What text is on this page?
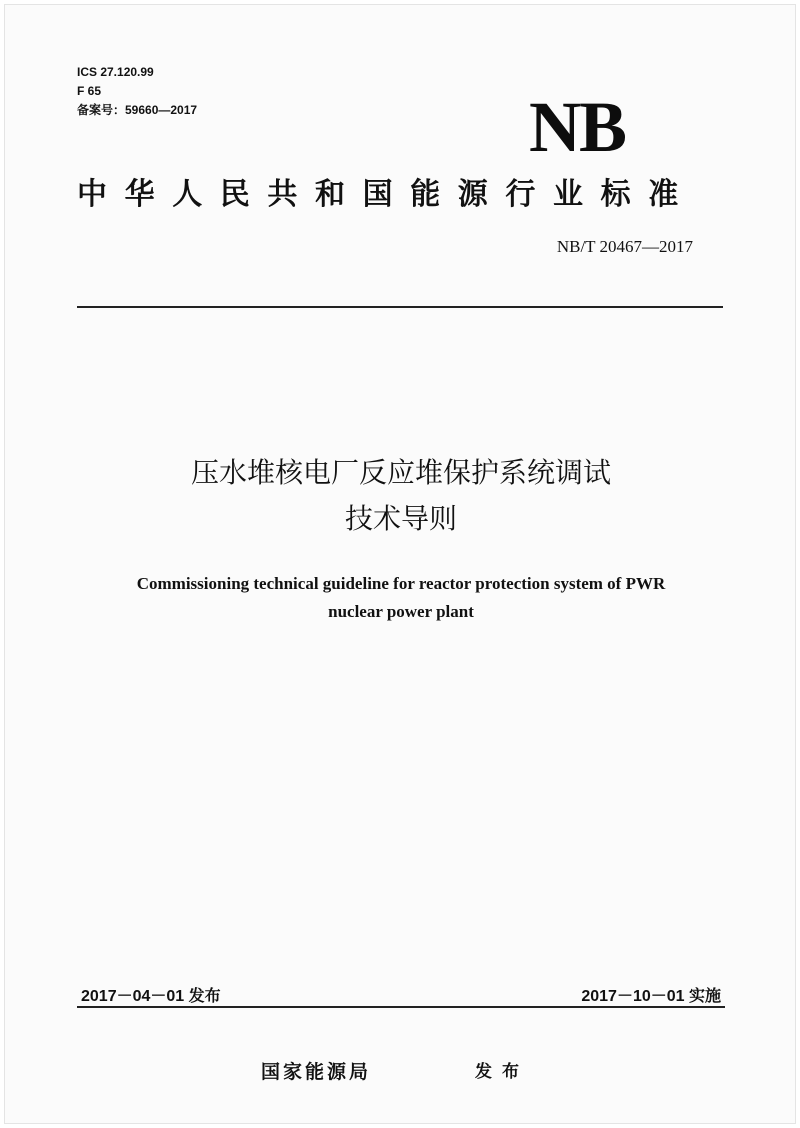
ICS 27.120.99
F 65
备案号：59660—2017	NB
中华人民共和国能源行业标准
NB/T 20467—2017
压水堆核电厂反应堆保护系统调试
技术导则
Commissioning technical guideline for reactor protection system of PWR
nuclear power plant
2017－04－01 发布	2017－10－01 实施
国家能源局	发布
